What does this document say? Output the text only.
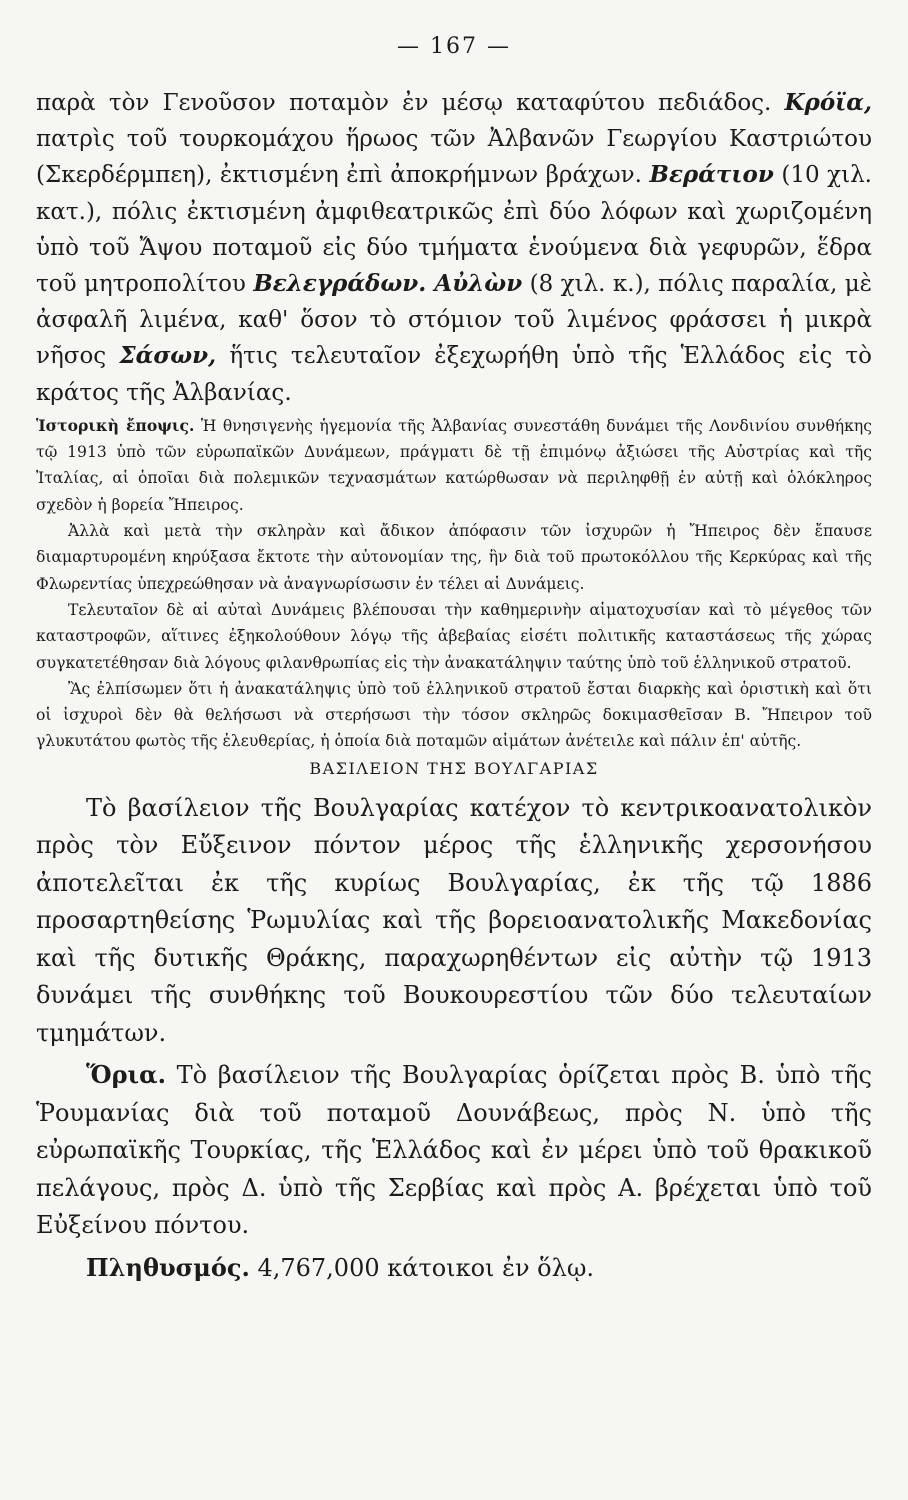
— 167 —

παρὰ τὸν Γενοῦσον ποταμὸν ἐν μέσῳ καταφύτου πεδιάδος. Κρόϊα, πατρὶς τοῦ τουρκομάχου ἥρωος τῶν Ἀλβανῶν Γεωργίου Καστριώτου (Σκερδέρμπεη), ἐκτισμένη ἐπὶ ἀποκρήμνων βράχων. Βεράτιον (10 χιλ. κατ.), πόλις ἐκτισμένη ἀμφιθεατρικῶς ἐπὶ δύο λόφων καὶ χωριζομένη ὑπὸ τοῦ Ἄψου ποταμοῦ εἰς δύο τμήματα ἑνούμενα διὰ γεφυρῶν, ἕδρα τοῦ μητροπολίτου Βελεγράδων. Αὐλὼν (8 χιλ. κ.), πόλις παραλία, μὲ ἀσφαλῆ λιμένα, καθ' ὅσον τὸ στόμιον τοῦ λιμένος φράσσει ἡ μικρὰ νῆσος Σάσων, ἥτις τελευταῖον ἐξεχωρήθη ὑπὸ τῆς Ἑλλάδος εἰς τὸ κράτος τῆς Ἀλβανίας.

Ἱστορικὴ ἔποψις. Ἡ θνησιγενὴς ἡγεμονία τῆς Ἀλβανίας συνεστάθη δυνάμει τῆς Λονδινίου συνθήκης τῷ 1913 ὑπὸ τῶν εὐρωπαϊκῶν Δυνάμεων, πράγματι δὲ τῇ ἐπιμόνῳ ἀξιώσει τῆς Αὐστρίας καὶ τῆς Ἰταλίας, αἱ ὁποῖαι διὰ πολεμικῶν τεχνασμάτων κατώρθωσαν νὰ περιληφθῇ ἐν αὐτῇ καὶ ὁλόκληρος σχεδὸν ἡ βορεία Ἤπειρος.

Ἀλλὰ καὶ μετὰ τὴν σκληρὰν καὶ ἄδικον ἀπόφασιν τῶν ἰσχυρῶν ἡ Ἤπειρος δὲν ἔπαυσε διαμαρτυρομένη κηρύξασα ἔκτοτε τὴν αὐτονομίαν της, ἣν διὰ τοῦ πρωτοκόλλου τῆς Κερκύρας καὶ τῆς Φλωρεντίας ὑπεχρεώθησαν νὰ ἀναγνωρίσωσιν ἐν τέλει αἱ Δυνάμεις.

Τελευταῖον δὲ αἱ αὐταὶ Δυνάμεις βλέπουσαι τὴν καθημερινὴν αἱματοχυσίαν καὶ τὸ μέγεθος τῶν καταστροφῶν, αἵτινες ἐξηκολούθουν λόγῳ τῆς ἀβεβαίας εἰσέτι πολιτικῆς καταστάσεως τῆς χώρας συγκατετέθησαν διὰ λόγους φιλανθρωπίας εἰς τὴν ἀνακατάληψιν ταύτης ὑπὸ τοῦ ἑλληνικοῦ στρατοῦ.

Ἂς ἐλπίσωμεν ὅτι ἡ ἀνακατάληψις ὑπὸ τοῦ ἑλληνικοῦ στρατοῦ ἔσται διαρκὴς καὶ ὁριστικὴ καὶ ὅτι οἱ ἰσχυροὶ δὲν θὰ θελήσωσι νὰ στερήσωσι τὴν τόσον σκληρῶς δοκιμασθεῖσαν Β. Ἤπειρον τοῦ γλυκυτάτου φωτὸς τῆς ἐλευθερίας, ἡ ὁποία διὰ ποταμῶν αἱμάτων ἀνέτειλε καὶ πάλιν ἐπ' αὐτῆς.

ΒΑΣΙΛΕΙΟΝ ΤΗΣ ΒΟΥΛΓΑΡΙΑΣ

Τὸ βασίλειον τῆς Βουλγαρίας κατέχον τὸ κεντρικοανατολικὸν πρὸς τὸν Εὔξεινον πόντον μέρος τῆς ἑλληνικῆς χερσονήσου ἀποτελεῖται ἐκ τῆς κυρίως Βουλγαρίας, ἐκ τῆς τῷ 1886 προσαρτηθείσης Ῥωμυλίας καὶ τῆς βορειοανατολικῆς Μακεδονίας καὶ τῆς δυτικῆς Θράκης, παραχωρηθέντων εἰς αὐτὴν τῷ 1913 δυνάμει τῆς συνθήκης τοῦ Βουκουρεστίου τῶν δύο τελευταίων τμημάτων.

Ὅρια. Τὸ βασίλειον τῆς Βουλγαρίας ὁρίζεται πρὸς Β. ὑπὸ τῆς Ῥουμανίας διὰ τοῦ ποταμοῦ Δουνάβεως, πρὸς Ν. ὑπὸ τῆς εὐρωπαϊκῆς Τουρκίας, τῆς Ἑλλάδος καὶ ἐν μέρει ὑπὸ τοῦ θρακικοῦ πελάγους, πρὸς Δ. ὑπὸ τῆς Σερβίας καὶ πρὸς Α. βρέχεται ὑπὸ τοῦ Εὐξείνου πόντου.

Πληθυσμός. 4,767,000 κάτοικοι ἐν ὅλῳ.
